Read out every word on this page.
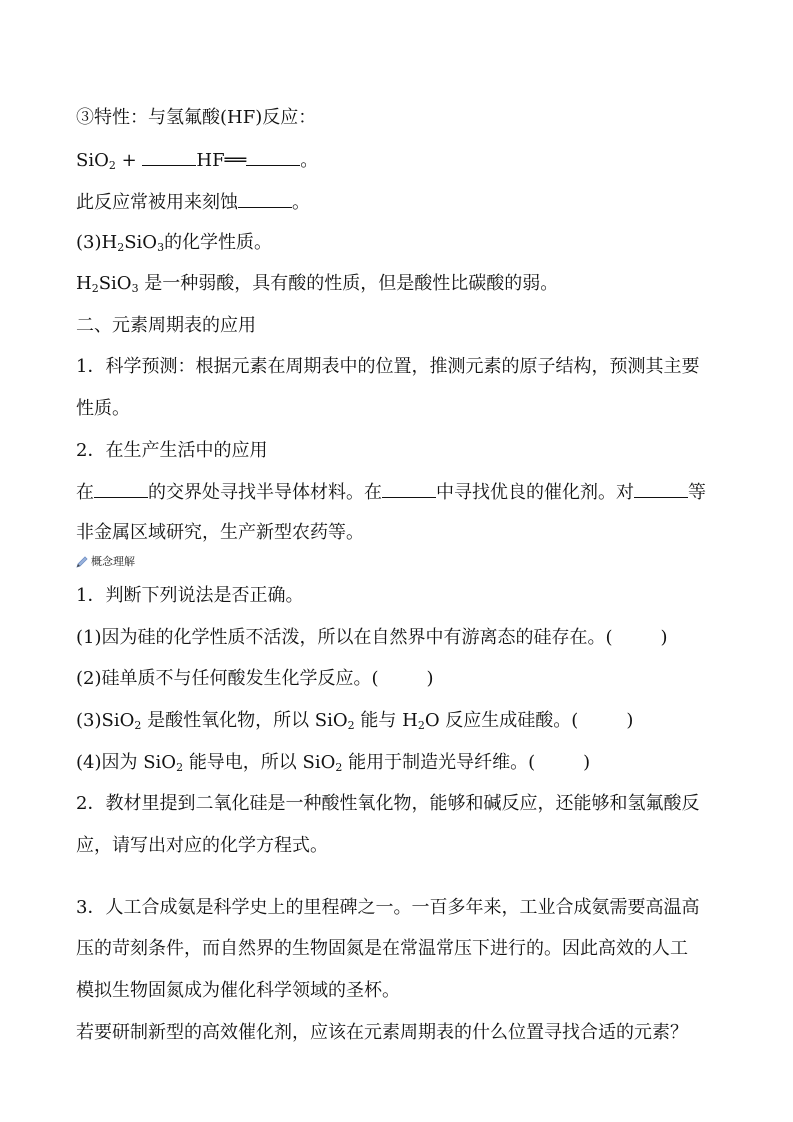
③特性：与氢氟酸(HF)反应：
SiO$_2$ +	HF══	。
此反应常被用来刻蚀	。
$(3)H_2SiO_3$的化学性质。
$H_2SiO_3$ 是一种弱酸，具有酸的性质，但是酸性比碳酸的弱。
二、元素周期表的应用
1．科学预测：根据元素在周期表中的位置，推测元素的原子结构，预测其主要
性质。
2．在生产生活中的应用
在	的交界处寻找半导体材料。在	中寻找优良的催化剂。对	等
非金属区域研究，生产新型农药等。
概念理解
1．判断下列说法是否正确。
(1)因为硅的化学性质不活泼，所以在自然界中有游离态的硅存在。(	)
(2)硅单质不与任何酸发生化学反应。(	)
(3)SiO$_2$ 是酸性氧化物，所以 SiO$_2$ 能与 $H_2O$ 反应生成硅酸。(	)
(4)因为 SiO$_2$ 能导电，所以 SiO$_2$ 能用于制造光导纤维。(	)
2．教材里提到二氧化硅是一种酸性氧化物，能够和碱反应，还能够和氢氟酸反
应，请写出对应的化学方程式。
3．人工合成氨是科学史上的里程碑之一。一百多年来，工业合成氨需要高温高
压的苛刻条件，而自然界的生物固氮是在常温常压下进行的。因此高效的人工
模拟生物固氮成为催化科学领域的圣杯。
若要研制新型的高效催化剂，应该在元素周期表的什么位置寻找合适的元素？
